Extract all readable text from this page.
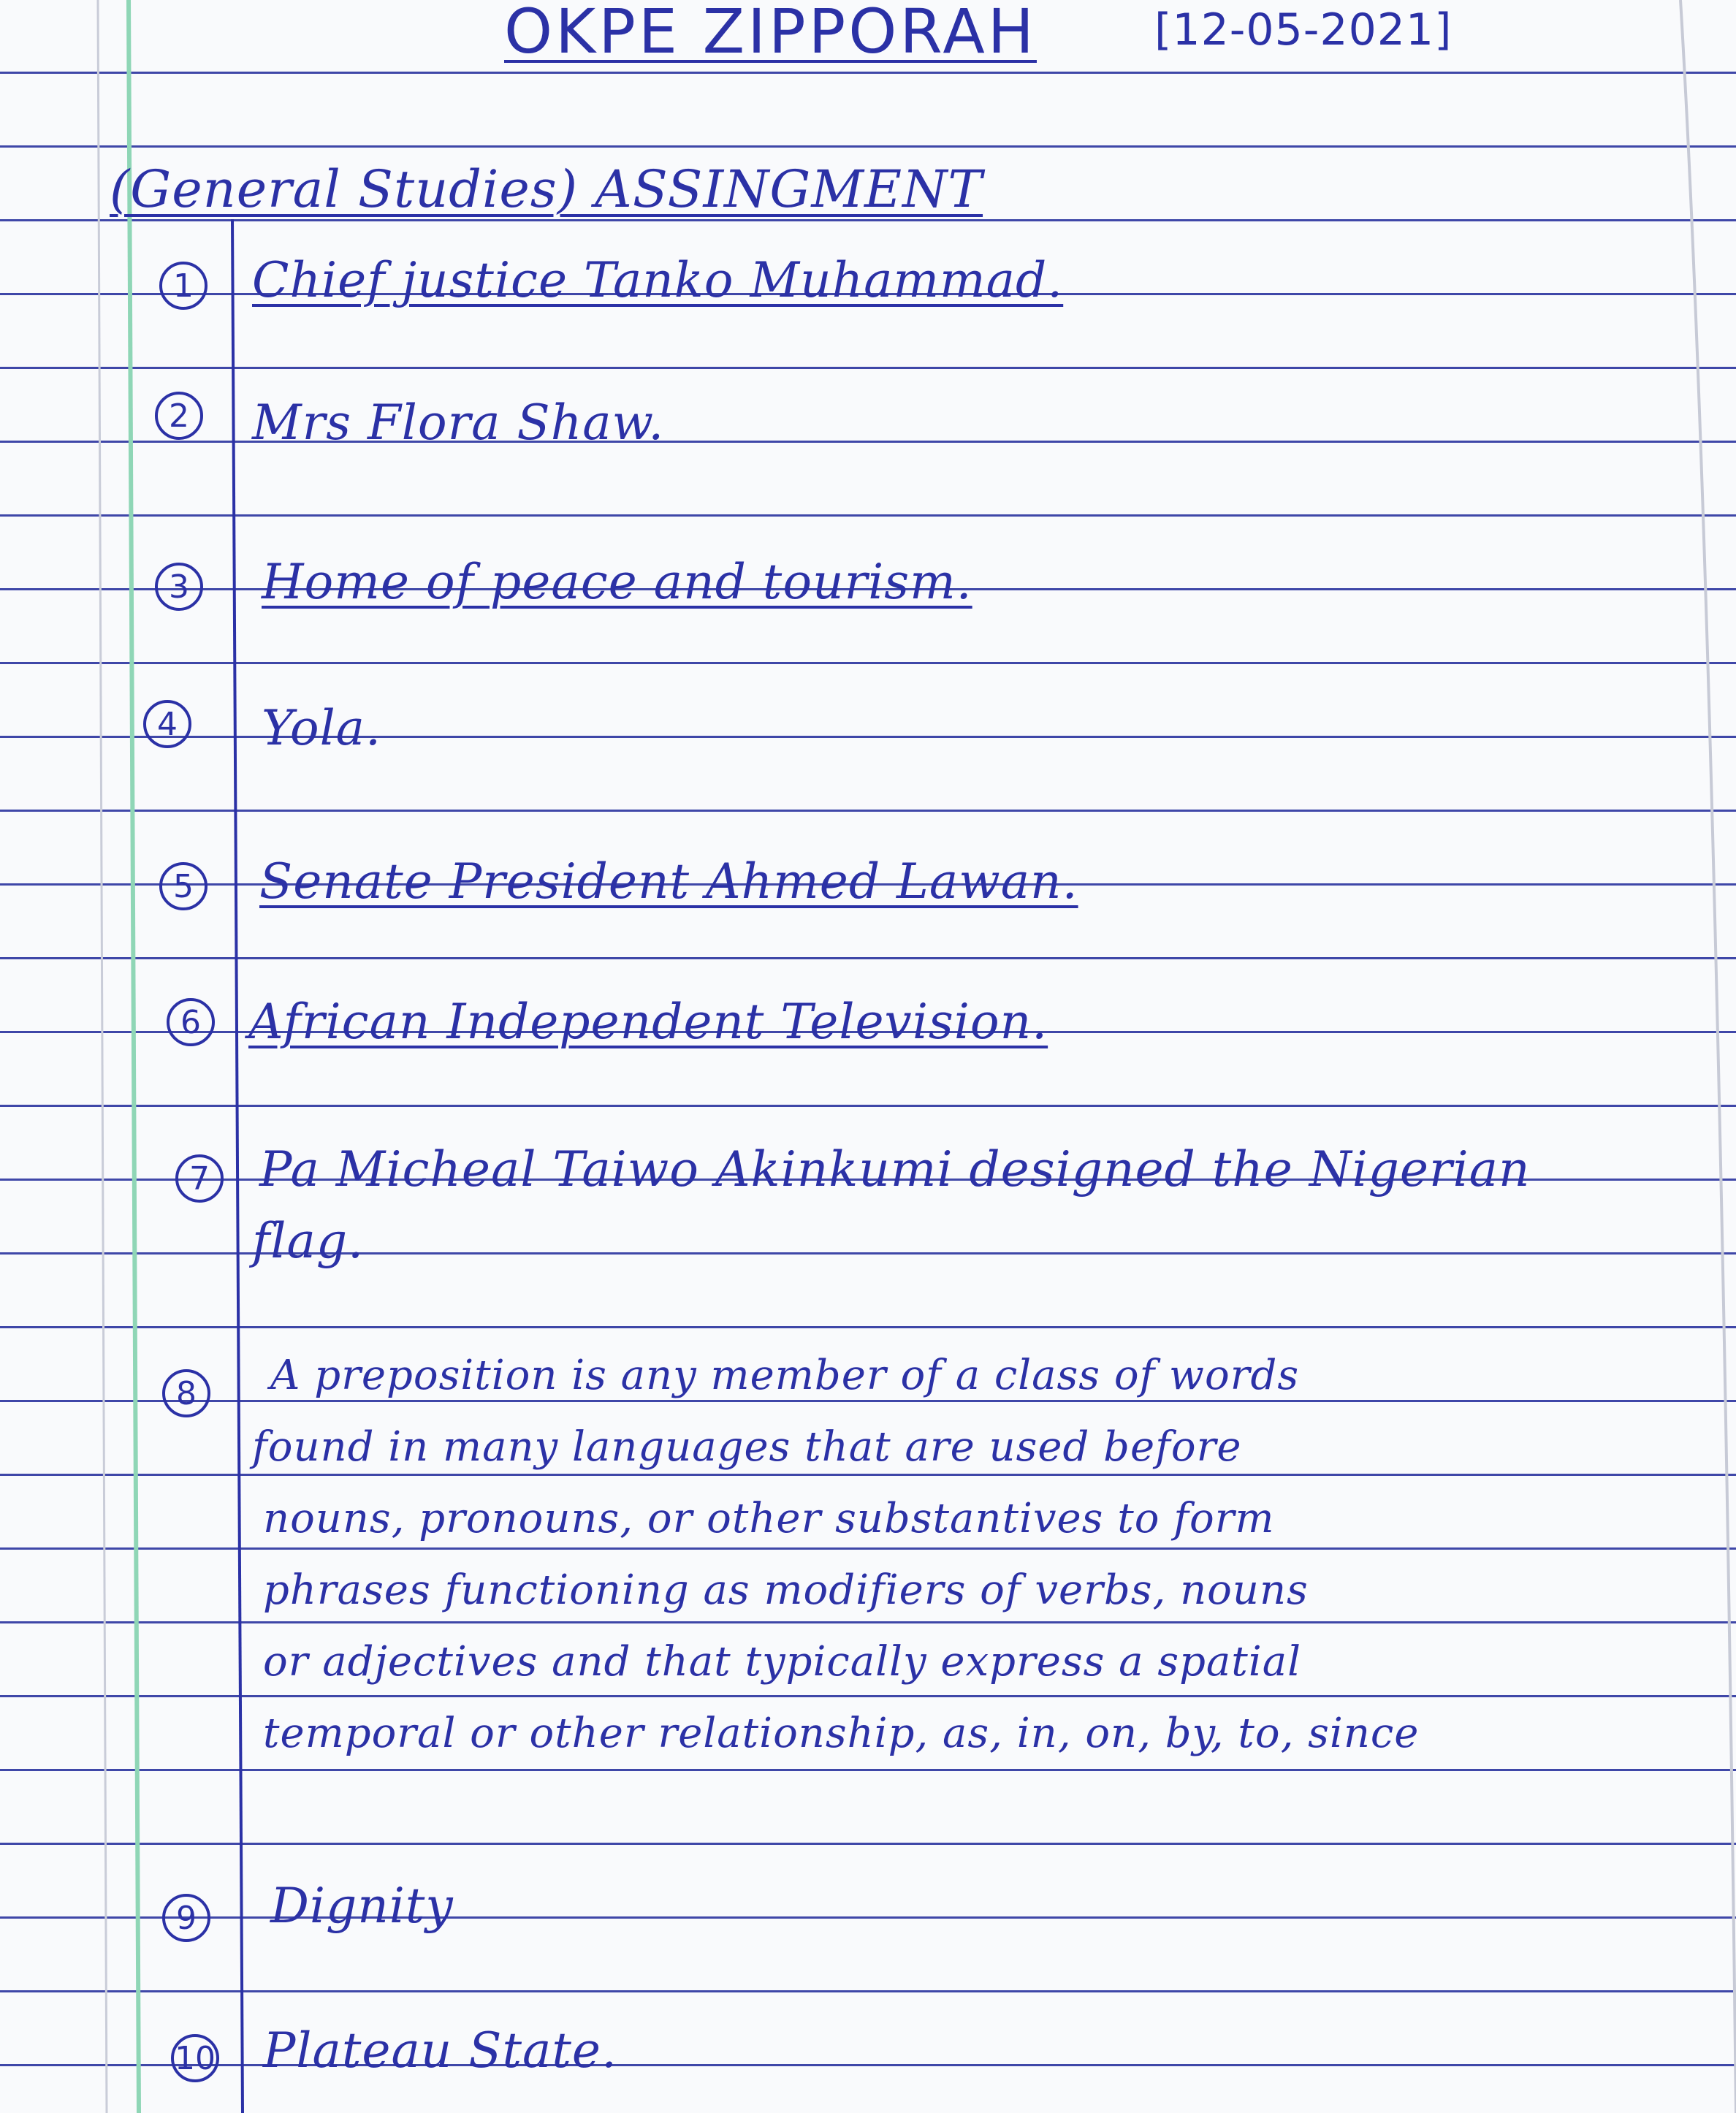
OKPE ZIPPORAH	[12-05-2021]
(General Studies) ASSINGMENT
1 Chief justice Tanko Muhammad.
2 Mrs Flora Shaw.
3 Home of peace and tourism.
4 Yola.
5 Senate President Ahmed Lawan.
6 African Independent Television.
7 Pa Micheal Taiwo Akinkumi designed the Nigerian
flag.
8	A preposition is any member of a class of words
found in many languages that are used before
nouns, pronouns, or other substantives to form
phrases functioning as modifiers of verbs, nouns
or adjectives and that typically express a spatial
temporal or other relationship, as, in, on, by, to, since
9 Dignity
10 Plateau State.
